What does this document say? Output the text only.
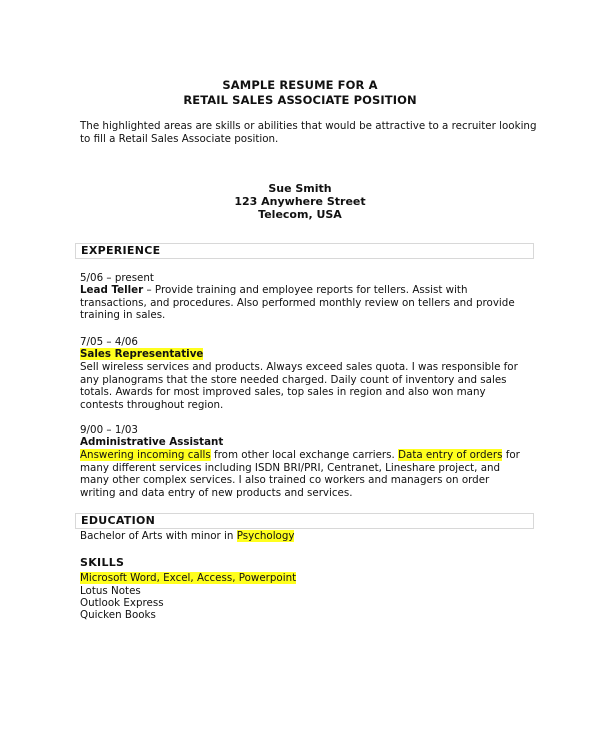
SAMPLE RESUME FOR A
RETAIL SALES ASSOCIATE POSITION
The highlighted areas are skills or abilities that would be attractive to a recruiter looking to fill a Retail Sales Associate position.
Sue Smith
123 Anywhere Street
Telecom, USA
EXPERIENCE
5/06 – present
Lead Teller – Provide training and employee reports for tellers. Assist with transactions, and procedures. Also performed monthly review on tellers and provide training in sales.
7/05 – 4/06
Sales Representative
Sell wireless services and products. Always exceed sales quota. I was responsible for any planograms that the store needed charged. Daily count of inventory and sales totals. Awards for most improved sales, top sales in region and also won many contests throughout region.
9/00 – 1/03
Administrative Assistant
Answering incoming calls from other local exchange carriers. Data entry of orders for many different services including ISDN BRI/PRI, Centranet, Lineshare project, and many other complex services. I also trained co workers and managers on order writing and data entry of new products and services.
EDUCATION
Bachelor of Arts with minor in Psychology
SKILLS
Microsoft Word, Excel, Access, Powerpoint
Lotus Notes
Outlook Express
Quicken Books
